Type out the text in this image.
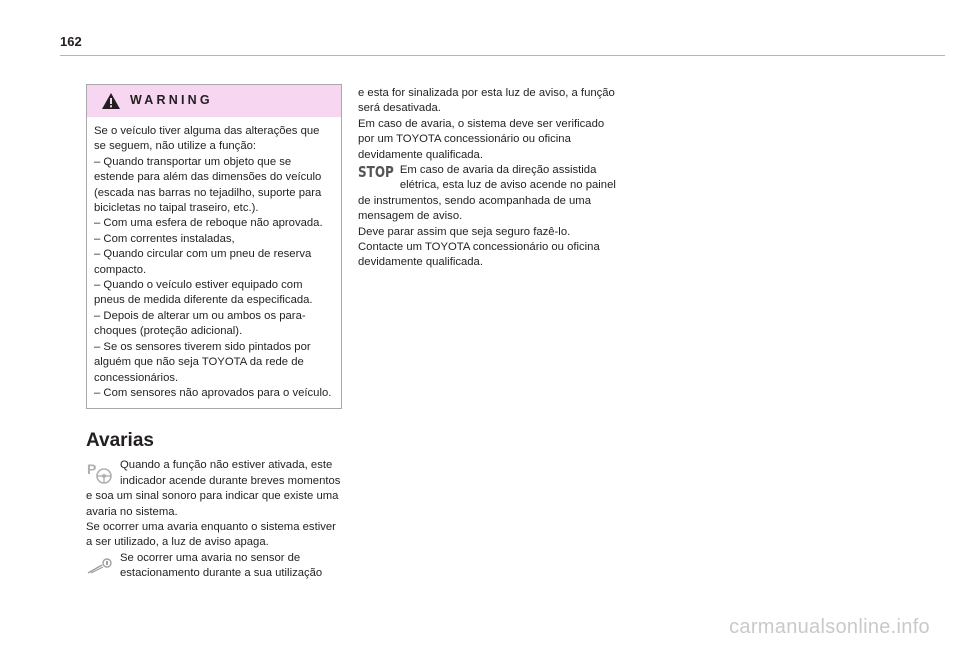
162
WARNING

Se o veículo tiver alguma das alterações que se seguem, não utilize a função:

– Quando transportar um objeto que se estende para além das dimensões do veículo (escada nas barras no tejadilho, suporte para bicicletas no taipal traseiro, etc.).

– Com uma esfera de reboque não aprovada.

– Com correntes instaladas,

– Quando circular com um pneu de reserva compacto.

– Quando o veículo estiver equipado com pneus de medida diferente da especificada.

– Depois de alterar um ou ambos os para-choques (proteção adicional).

– Se os sensores tiverem sido pintados por alguém que não seja TOYOTA da rede de concessionários.

– Com sensores não aprovados para o veículo.

Avarias
P	Quando a função não estiver ativada, este indicador acende durante breves momentos e soa um sinal sonoro para indicar que existe uma avaria no sistema.

Se ocorrer uma avaria enquanto o sistema estiver a ser utilizado, a luz de aviso apaga.

Se ocorrer uma avaria no sensor de estacionamento durante a sua utilização

e esta for sinalizada por esta luz de aviso, a função será desativada.

Em caso de avaria, o sistema deve ser verificado por um TOYOTA concessionário ou oficina devidamente qualificada.

STOP Em caso de avaria da direção assistida elétrica, esta luz de aviso acende no painel de instrumentos, sendo acompanhada de uma mensagem de aviso.

Deve parar assim que seja seguro fazê-lo.

Contacte um TOYOTA concessionário ou oficina devidamente qualificada.

carmanualsonline.info
